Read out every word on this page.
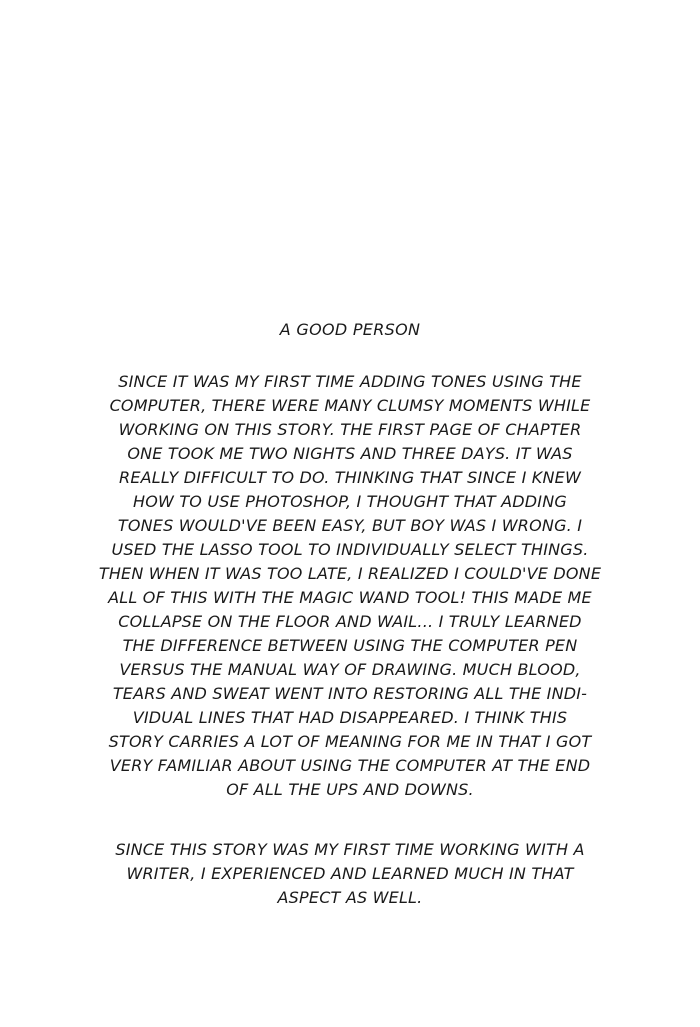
A GOOD PERSON
SINCE IT WAS MY FIRST TIME ADDING TONES USING THE
COMPUTER, THERE WERE MANY CLUMSY MOMENTS WHILE
WORKING ON THIS STORY. THE FIRST PAGE OF CHAPTER
ONE TOOK ME TWO NIGHTS AND THREE DAYS. IT WAS
REALLY DIFFICULT TO DO. THINKING THAT SINCE I KNEW
HOW TO USE PHOTOSHOP, I THOUGHT THAT ADDING
TONES WOULD'VE BEEN EASY, BUT BOY WAS I WRONG. I
USED THE LASSO TOOL TO INDIVIDUALLY SELECT THINGS.
THEN WHEN IT WAS TOO LATE, I REALIZED I COULD'VE DONE
ALL OF THIS WITH THE MAGIC WAND TOOL! THIS MADE ME
COLLAPSE ON THE FLOOR AND WAIL... I TRULY LEARNED
THE DIFFERENCE BETWEEN USING THE COMPUTER PEN
VERSUS THE MANUAL WAY OF DRAWING. MUCH BLOOD,
TEARS AND SWEAT WENT INTO RESTORING ALL THE INDI-
VIDUAL LINES THAT HAD DISAPPEARED. I THINK THIS
STORY CARRIES A LOT OF MEANING FOR ME IN THAT I GOT
VERY FAMILIAR ABOUT USING THE COMPUTER AT THE END
OF ALL THE UPS AND DOWNS.
SINCE THIS STORY WAS MY FIRST TIME WORKING WITH A
WRITER, I EXPERIENCED AND LEARNED MUCH IN THAT
ASPECT AS WELL.
